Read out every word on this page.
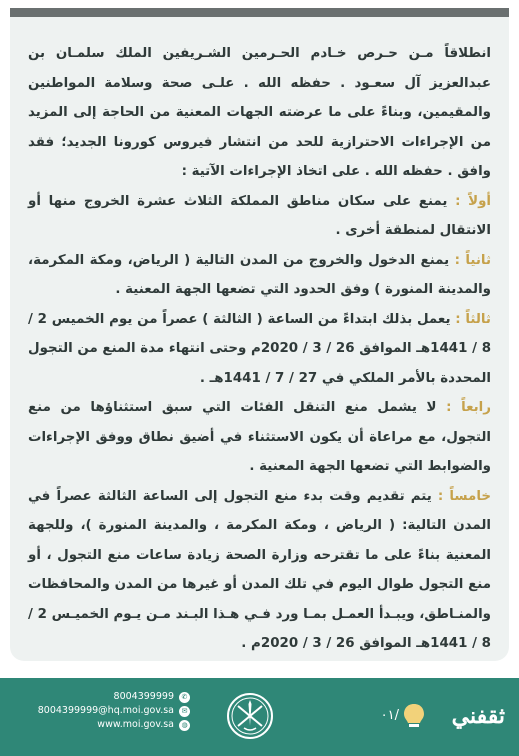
انطلاقاً مـن حـرص خـادم الحـرمين الشـريفين الملك سلمـان بن عبدالعزيز آل سعـود . حفظه الله . علـى صحة وسلامة المواطنين والمقيمين، وبناءً على ما عرضته الجهات المعنية من الحاجة إلى المزيد من الإجراءات الاحترازية للحد من انتشار فيروس كورونا الجديد؛ فقد وافق . حفظه الله . على اتخاذ الإجراءات الآتية :

أولاً : يمنع على سكان مناطق المملكة الثلاث عشرة الخروج منها أو الانتقال لمنطقة أخرى .

ثانياً : يمنع الدخول والخروج من المدن التالية ( الرياض، ومكة المكرمة، والمدينة المنورة ) وفق الحدود التي تضعها الجهة المعنية .

ثالثاً : يعمل بذلك ابتداءً من الساعة ( الثالثة ) عصراً من يوم الخميس 2 / 8 / 1441هـ الموافق 26 / 3 / 2020م وحتى انتهاء مدة المنع من التجول المحددة بالأمر الملكي في 27 / 7 / 1441هـ .

رابعاً : لا يشمل منع التنقل الفئات التي سبق استثناؤها من منع التجول، مع مراعاة أن يكون الاستثناء في أضيق نطاق ووفق الإجراءات والضوابط التي تضعها الجهة المعنية .

خامساً : يتم تقديم وقت بدء منع التجول إلى الساعة الثالثة عصراً في المدن التالية: ( الرياض ، ومكة المكرمة ، والمدينة المنورة )، وللجهة المعنية بناءً على ما تقترحه وزارة الصحة زيادة ساعات منع التجول ، أو منع التجول طوال اليوم في تلك المدن أو غيرها من المدن والمحافظات والمنـاطق، ويبـدأ العمـل بمـا ورد فـي هـذا البـند مـن يـوم الخميـس 2 / 8 / 1441هـ الموافق 26 / 3 / 2020م .

8004399999	✆
8004399999@hq.moi.gov.sa	✉
www.moi.gov.sa	◍	ثقفني
/٠١
